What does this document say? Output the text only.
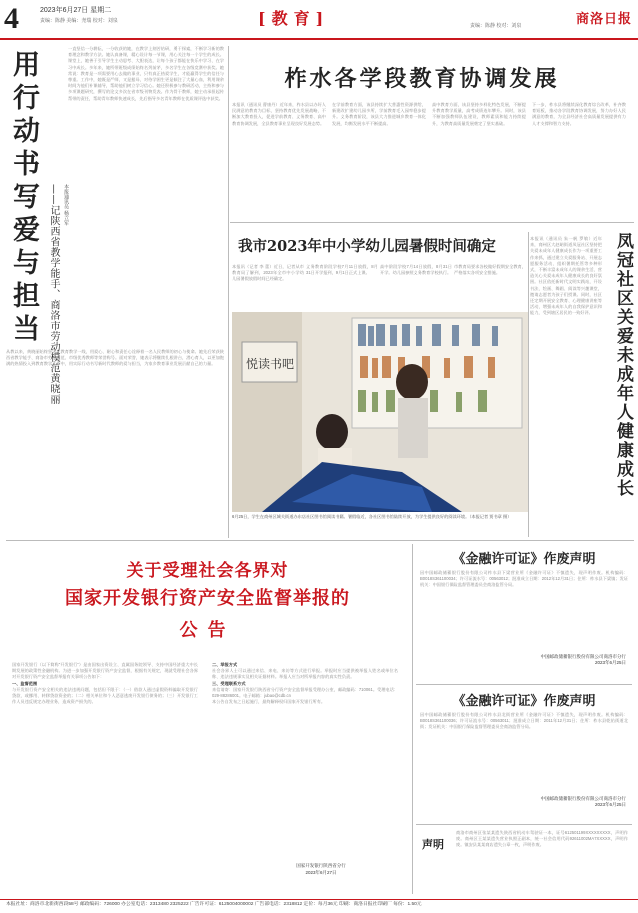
4	2023年6月27日 星期二
责编：陈静 美编：尧瑞 校对：刘泉	[教育]	责编：陈静 校对：刘泉	商洛日报
用行动书写爱与担当 ——记陕西省教学能手、商洛市劳动模范黄晓丽 本报通讯员 杨立军
一直坚信一分耕耘，一分收获的她，在教学上刻苦钻研，勇于探索，不断学习新的教育理念和教学方法。她认真备课，精心设计每一节课，用心关注每一个学生的成长。课堂上，她善于引导学生主动思考、大胆表达，让每个孩子都能在快乐中学习、在学习中成长。多年来，她所带班级成绩始终名列前茅，多名学生在各级竞赛中获奖。她常说：教育是一项需要用心去做的事业，只有真正热爱学生，才能赢得学生的信任与尊重。工作中，她既是严师，又是慈母，对待学困生更是倾注了大量心血，利用课余时间为他们补课辅导，帮助他们树立学习信心。她还积极参与教研活动，主持和参与多项课题研究，撰写的论文多次在省市级刊物发表。作为骨干教师，她主动承担起传帮带的责任，帮助青年教师快速成长，先后指导多名青年教师在优质课评选中获奖。
从教以来，黄晓丽始终坚守在教育教学一线，用爱心、耐心和责任心诠释着一名人民教师的初心与使命。她先后荣获陕西省教学能手、商洛市劳动模范、市级优秀教师等荣誉称号。面对荣誉，她表示将继续扎根讲台，潜心育人，以更加饱满的热情投入到教育教学工作中，用实际行动书写新时代教师的爱与担当，为家乡教育事业发展贡献自己的力量。
柞水各学段教育协调发展
本报讯（通讯员 曹康丹）近年来，柞水县以办好人民满意的教育为目标，坚持教育优先发展战略，不断加大教育投入，促进学前教育、义务教育、高中教育协调发展，全县教育事业呈现良好发展态势。
在学前教育方面，该县持续扩大普惠性资源供给，新建改扩建幼儿园多所，学前教育毛入园率稳步提升。义务教育阶段，该县大力推进城乡教育一体化发展，均衡发展水平不断提高。
高中教育方面，该县坚持多样化特色发展，不断提升教育教学质量，高考成绩连年攀升。同时，该县不断加强教师队伍建设，教师素质和能力持续提升，为教育高质量发展奠定了坚实基础。
下一步，柞水县将继续深化教育综合改革，补齐教育短板，推动各学段教育协调发展，努力办好人民满意的教育，为全县经济社会高质量发展提供有力人才支撑和智力支持。
我市2023年中小学幼儿园暑假时间确定
本报讯（记者 李 蕾）近日，记者从市教育局了解到，2023年全市中小学幼儿园暑假放假时间已经确定。
义务教育阶段学校7月11日放假，8月31日开学报到，9月1日正式上课。
高中阶段学校7月14日放假，8月31日开学。幼儿园参照义务教育学校执行。
市教育局要求各校做好假期安全教育，严格落实各项安全措施。
悦读书吧
6月25日，学生在商州区城关街道办东店社区图书馆阅读书籍。暑假临近，各社区图书馆陆续开放，为学生提供良好的阅读环境。（本报记者 贾书章 摄）
本报讯（通讯员 朱一帆 罗敏）近年来，商州区大赵峪街道凤冠社区坚持把关爱未成年人健康成长作为一项重要工作来抓，通过建立关爱服务站、开展志愿服务活动、组织暑期托管等多种形式，不断丰富未成年人的课余生活，营造关心关爱未成年人健康成长的良好氛围。社区依托新时代文明实践站，开设书法、绘画、舞蹈、阅读等兴趣课堂，邀请志愿者为孩子们授课。同时，社区还定期开展安全教育、心理健康讲座等活动，增强未成年人的自我保护意识和能力，受到辖区居民的一致好评。	凤冠社区关爱未成年人健康成长
关于受理社会各界对
国家开发银行资产安全监督举报的
公告
国家开发银行（以下简称“开发银行”）是由国家出资设立、直属国务院领导、支持中国经济重大中长期发展的政策性金融机构。为进一步加强开发银行资产安全监督，根据有关规定，现就受理社会各界对开发银行资产安全监督举报有关事项公告如下：
一、监督范围
与开发银行资产安全相关的违法违规问题，包括但不限于：（一）借款人通过虚假资料骗取开发银行贷款，或挪用、转移贷款资金的；（二）相关单位和个人恶意逃废开发银行债务的；（三）开发银行工作人员违反规定办理业务，造成资产损失的。
二、举报方式
社会各界人士可以通过来信、来电、来访等方式进行举报。举报时应当提供被举报人姓名或单位名称、违法违规事实及相关证据材料。举报人应当对所举报内容的真实性负责。
三、受理联系方式
来信请寄：国家开发银行陕西省分行资产安全监督举报受理办公室，邮政编码：710061。受理电话：029-88286001。电子邮箱：jubao@cdb.cn
本公告自发布之日起施行，最终解释权归国家开发银行所有。
国家开发银行陕西省分行
2023年6月27日
《金融许可证》作废声明
因中国邮政储蓄银行股份有限公司柞水县下梁营业所《金融许可证》不慎遗失，现声明作废。机构编码：B0018S361100034；许可证流水号：00563012；批准成立日期：2012年12月31日；住所：柞水县下梁镇；发证机关：中国银行保险监督管理委员会商洛监管分局。
中国邮政储蓄银行股份有限公司商洛市分行
2023年6月25日
《金融许可证》作废声明
因中国邮政储蓄银行股份有限公司柞水县北街营业所《金融许可证》不慎遗失，现声明作废。机构编码：B0018S361100036；许可证流水号：00563011；批准成立日期：2011年12月31日；住所：柞水县乾佑街道北街；发证机关：中国银行保险监督管理委员会商洛监管分局。
中国邮政储蓄银行股份有限公司商洛市分行
2023年6月25日
声明
商洛市商州区张某某遗失陕西省机动车驾驶证一本，证号612501199XXXXXXXXX，声明作废。商州区王某某遗失营业执照正副本，统一社会信用代码92611002MA7XXXXX，声明作废。镇安县某某商店遗失公章一枚，声明作废。
本报社址：商洛市北新街西段58号 邮政编码：726000 办公室电话：2313480 2325222 广告许可证：6125004000002 广告部电话：2318812 定价：每月36元 印刷：商洛日报社印刷厂 每份：1.50元
